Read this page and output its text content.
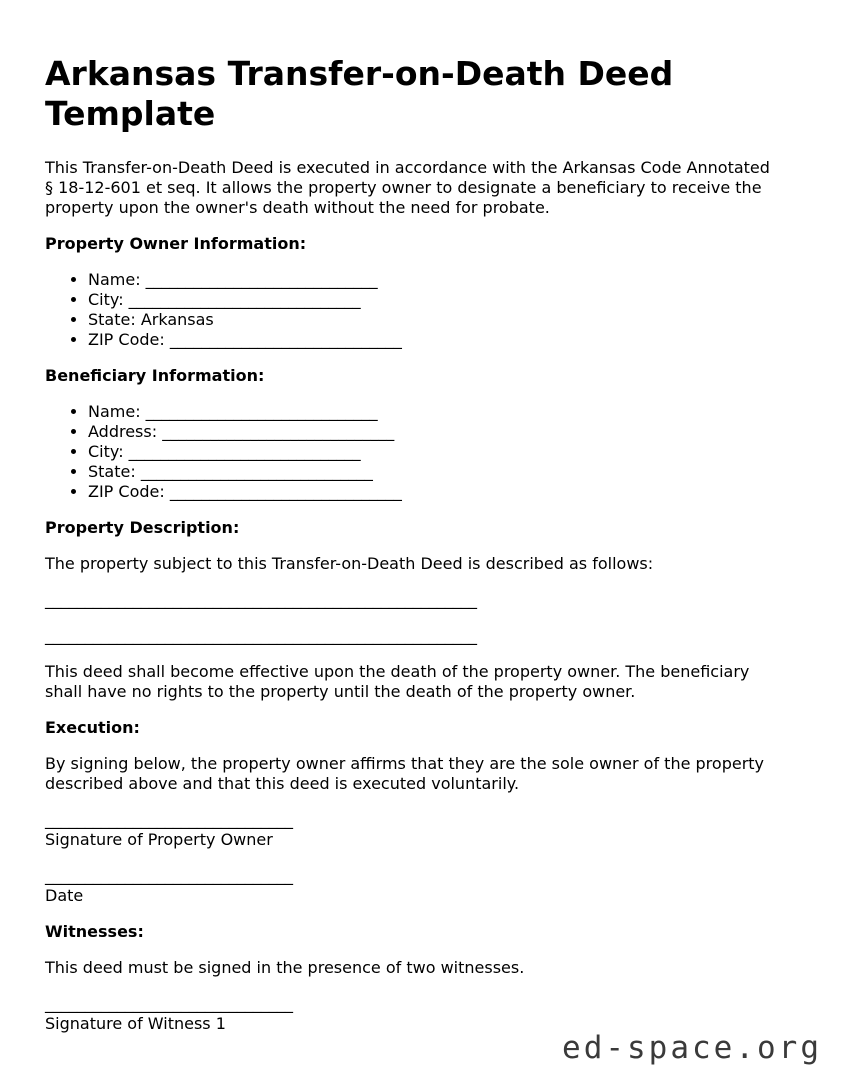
Arkansas Transfer-on-Death Deed
Template

This Transfer-on-Death Deed is executed in accordance with the Arkansas Code Annotated
§ 18-12-601 et seq. It allows the property owner to designate a beneficiary to receive the
property upon the owner's death without the need for probate.

Property Owner Information:
• Name: _____________________________
• City: _____________________________
• State: Arkansas
• ZIP Code: _____________________________
Beneficiary Information:
• Name: _____________________________
• Address: _____________________________
• City: _____________________________
• State: _____________________________
• ZIP Code: _____________________________
Property Description:

The property subject to this Transfer-on-Death Deed is described as follows:

______________________________________________________

______________________________________________________

This deed shall become effective upon the death of the property owner. The beneficiary
shall have no rights to the property until the death of the property owner.

Execution:

By signing below, the property owner affirms that they are the sole owner of the property
described above and that this deed is executed voluntarily.

_______________________________
Signature of Property Owner

_______________________________
Date

Witnesses:

This deed must be signed in the presence of two witnesses.

_______________________________
Signature of Witness 1

ed-space.org
